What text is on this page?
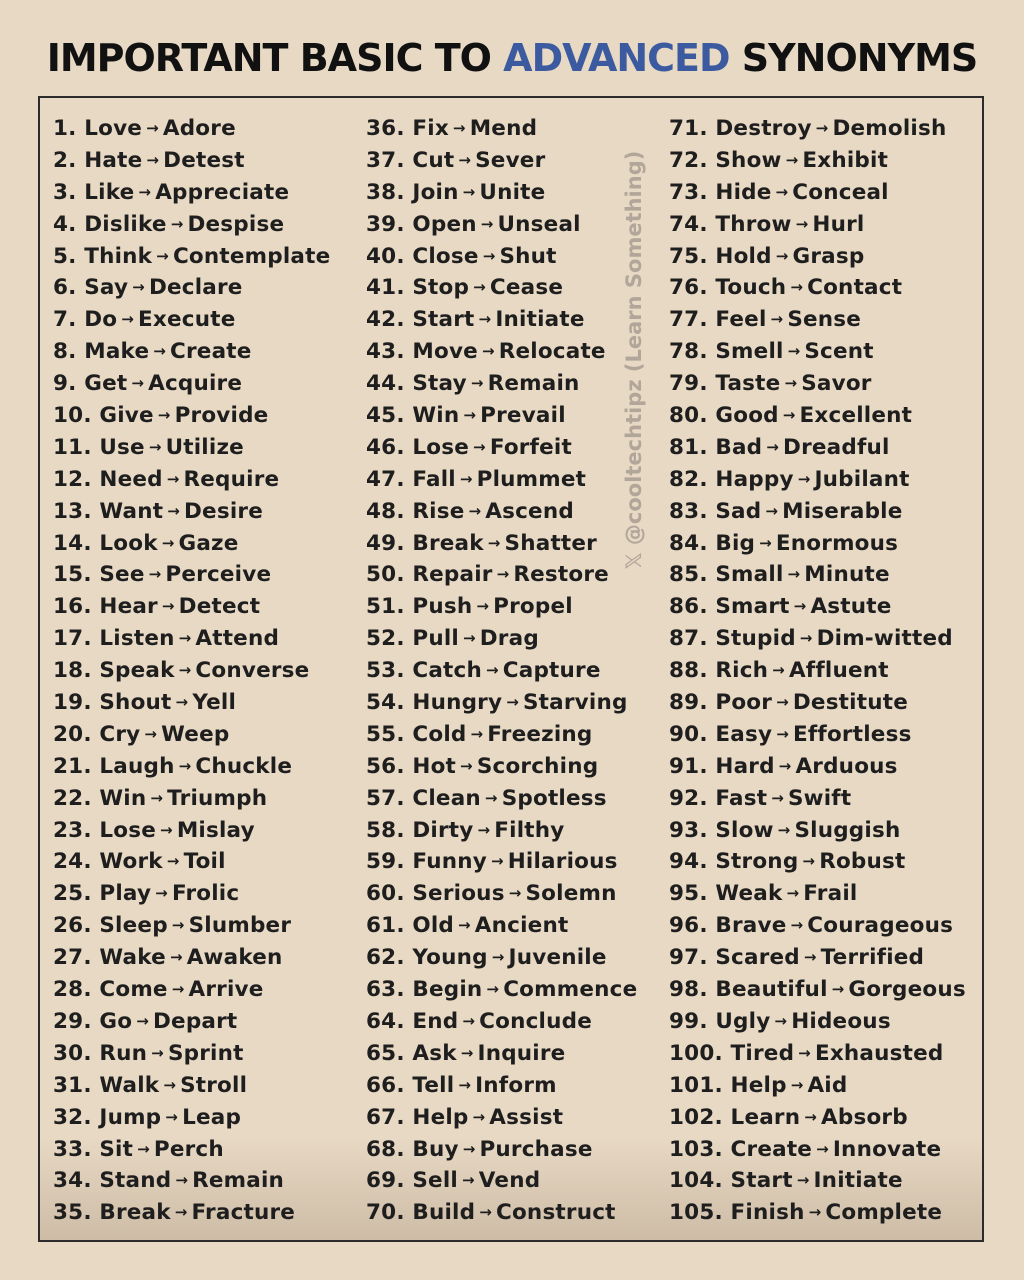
IMPORTANT BASIC TO ADVANCED SYNONYMS
1. Love → Adore
2. Hate → Detest
3. Like → Appreciate
4. Dislike → Despise
5. Think → Contemplate
6. Say → Declare
7. Do → Execute
8. Make → Create
9. Get → Acquire
10. Give → Provide
11. Use → Utilize
12. Need → Require
13. Want → Desire
14. Look → Gaze
15. See → Perceive
16. Hear → Detect
17. Listen → Attend
18. Speak → Converse
19. Shout → Yell
20. Cry → Weep
21. Laugh → Chuckle
22. Win → Triumph
23. Lose → Mislay
24. Work → Toil
25. Play → Frolic
26. Sleep → Slumber
27. Wake → Awaken
28. Come → Arrive
29. Go → Depart
30. Run → Sprint
31. Walk → Stroll
32. Jump → Leap
33. Sit → Perch
34. Stand → Remain
35. Break → Fracture
36. Fix → Mend
37. Cut → Sever
38. Join → Unite
39. Open → Unseal
40. Close → Shut
41. Stop → Cease
42. Start → Initiate
43. Move → Relocate
44. Stay → Remain
45. Win → Prevail
46. Lose → Forfeit
47. Fall → Plummet
48. Rise → Ascend
49. Break → Shatter
50. Repair → Restore
51. Push → Propel
52. Pull → Drag
53. Catch → Capture
54. Hungry → Starving
55. Cold → Freezing
56. Hot → Scorching
57. Clean → Spotless
58. Dirty → Filthy
59. Funny → Hilarious
60. Serious → Solemn
61. Old → Ancient
62. Young → Juvenile
63. Begin → Commence
64. End → Conclude
65. Ask → Inquire
66. Tell → Inform
67. Help → Assist
68. Buy → Purchase
69. Sell → Vend
70. Build → Construct
71. Destroy → Demolish
72. Show → Exhibit
73. Hide → Conceal
74. Throw → Hurl
75. Hold → Grasp
76. Touch → Contact
77. Feel → Sense
78. Smell → Scent
79. Taste → Savor
80. Good → Excellent
81. Bad → Dreadful
82. Happy → Jubilant
83. Sad → Miserable
84. Big → Enormous
85. Small → Minute
86. Smart → Astute
87. Stupid → Dim-witted
88. Rich → Affluent
89. Poor → Destitute
90. Easy → Effortless
91. Hard → Arduous
92. Fast → Swift
93. Slow → Sluggish
94. Strong → Robust
95. Weak → Frail
96. Brave → Courageous
97. Scared → Terrified
98. Beautiful → Gorgeous
99. Ugly → Hideous
100. Tired → Exhausted
101. Help → Aid
102. Learn → Absorb
103. Create → Innovate
104. Start → Initiate
105. Finish → Complete
𝕏 @cooltechtipz (Learn Something)
